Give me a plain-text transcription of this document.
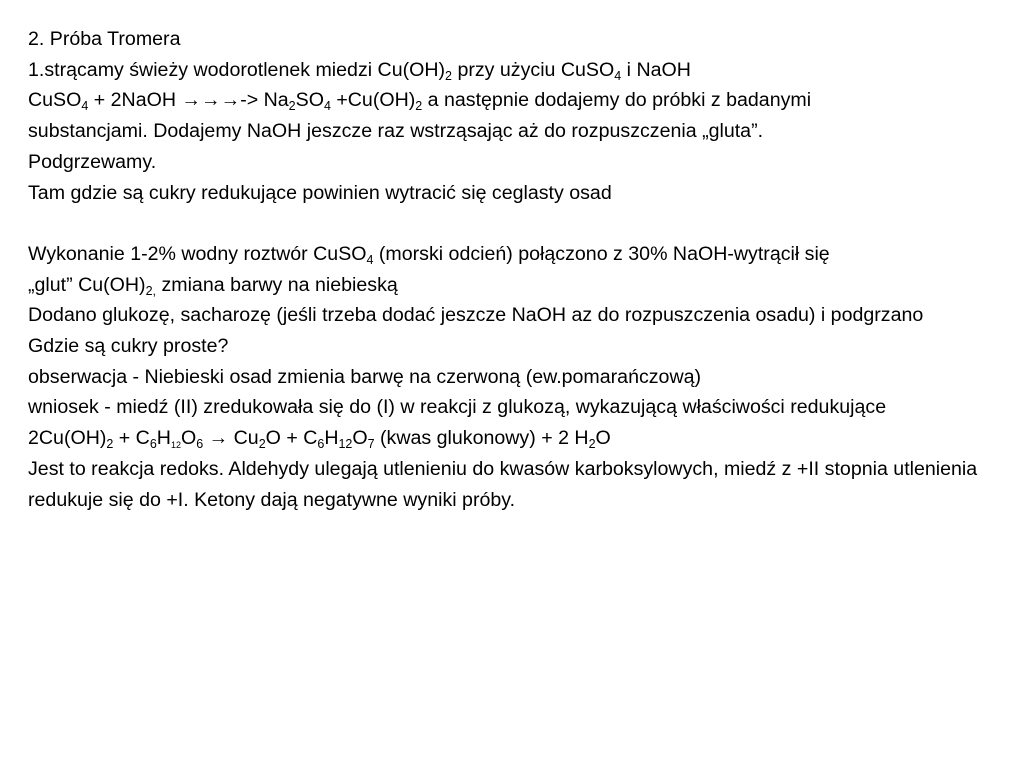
2. Próba Tromera

1.strącamy świeży wodorotlenek miedzi $Cu(OH)_2$ przy użyciu CuSO$_4$ i NaOH

CuSO$_4$ + 2NaOH →→→-> $Na_2SO_4 +Cu(OH)_2$ a następnie dodajemy do próbki z badanymi

substancjami. Dodajemy NaOH jeszcze raz wstrząsając aż do rozpuszczenia „gluta”.

Podgrzewamy.

Tam gdzie są cukry redukujące powinien wytracić się ceglasty osad

Wykonanie 1-2% wodny roztwór CuSO$_4$ (morski odcień) połączono z 30% NaOH-wytrącił się

„glut” $Cu(OH)_{2,}$ zmiana barwy na niebieską

Dodano glukozę, sacharozę (jeśli trzeba dodać jeszcze NaOH az do rozpuszczenia osadu) i podgrzano

Gdzie są cukry proste?

obserwacja - Niebieski osad zmienia barwę na czerwoną (ew.pomarańczową)

wniosek - miedź (II) zredukowała się do (I) w reakcji z glukozą, wykazującą właściwości redukujące

$2Cu(OH)_2 + C_6H_{12}O_6 \to Cu_2O + C_6H_{12}O_7$ (kwas glukonowy) + 2 $H_2O$

Jest to reakcja redoks. Aldehydy ulegają utlenieniu do kwasów karboksylowych, miedź z +II stopnia utlenienia redukuje się do +I. Ketony dają negatywne wyniki próby.
